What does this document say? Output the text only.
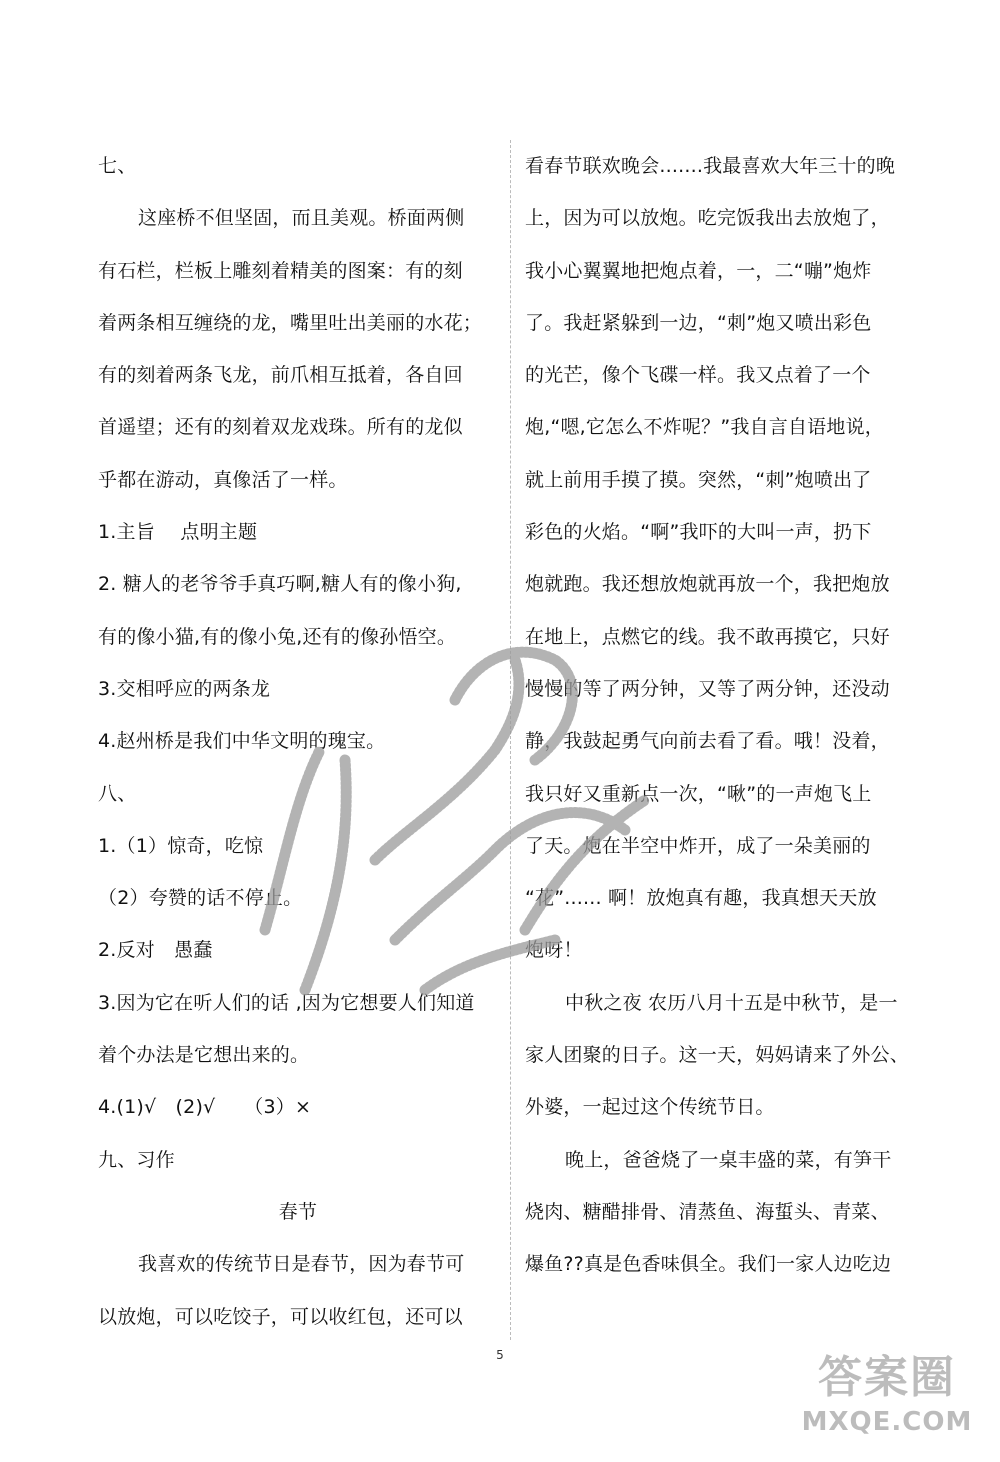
七、
这座桥不但坚固，而且美观。桥面两侧
有石栏，栏板上雕刻着精美的图案：有的刻
着两条相互缠绕的龙，嘴里吐出美丽的水花；
有的刻着两条飞龙，前爪相互抵着，各自回
首遥望；还有的刻着双龙戏珠。所有的龙似
乎都在游动，真像活了一样。
1.主旨　 点明主题
2. 糖人的老爷爷手真巧啊,糖人有的像小狗,
有的像小猫,有的像小兔,还有的像孙悟空。
3.交相呼应的两条龙
4.赵州桥是我们中华文明的瑰宝。
八、
1.（1）惊奇，吃惊
（2）夸赞的话不停止。
2.反对　愚蠢
3.因为它在听人们的话 ,因为它想要人们知道
着个办法是它想出来的。
4.(1)√　(2)√　　（3）×
九、习作
春节
我喜欢的传统节日是春节，因为春节可
以放炮，可以吃饺子，可以收红包，还可以
看春节联欢晚会.......我最喜欢大年三十的晚
上，因为可以放炮。吃完饭我出去放炮了，
我小心翼翼地把炮点着，一，二“嘣”炮炸
了。我赶紧躲到一边，“刺”炮又喷出彩色
的光芒，像个飞碟一样。我又点着了一个
炮,“嗯,它怎么不炸呢？”我自言自语地说，
就上前用手摸了摸。突然，“刺”炮喷出了
彩色的火焰。“啊”我吓的大叫一声，扔下
炮就跑。我还想放炮就再放一个，我把炮放
在地上，点燃它的线。我不敢再摸它，只好
慢慢的等了两分钟，又等了两分钟，还没动
静，我鼓起勇气向前去看了看。哦！没着，
我只好又重新点一次，“啾”的一声炮飞上
了天。炮在半空中炸开，成了一朵美丽的
“花”...... 啊！放炮真有趣，我真想天天放
炮呀！
中秋之夜 农历八月十五是中秋节，是一
家人团聚的日子。这一天，妈妈请来了外公、
外婆，一起过这个传统节日。
晚上，爸爸烧了一桌丰盛的菜，有笋干
烧肉、糖醋排骨、清蒸鱼、海蜇头、青菜、
爆鱼??真是色香味俱全。我们一家人边吃边
5	答案圈
MXQE.COM
